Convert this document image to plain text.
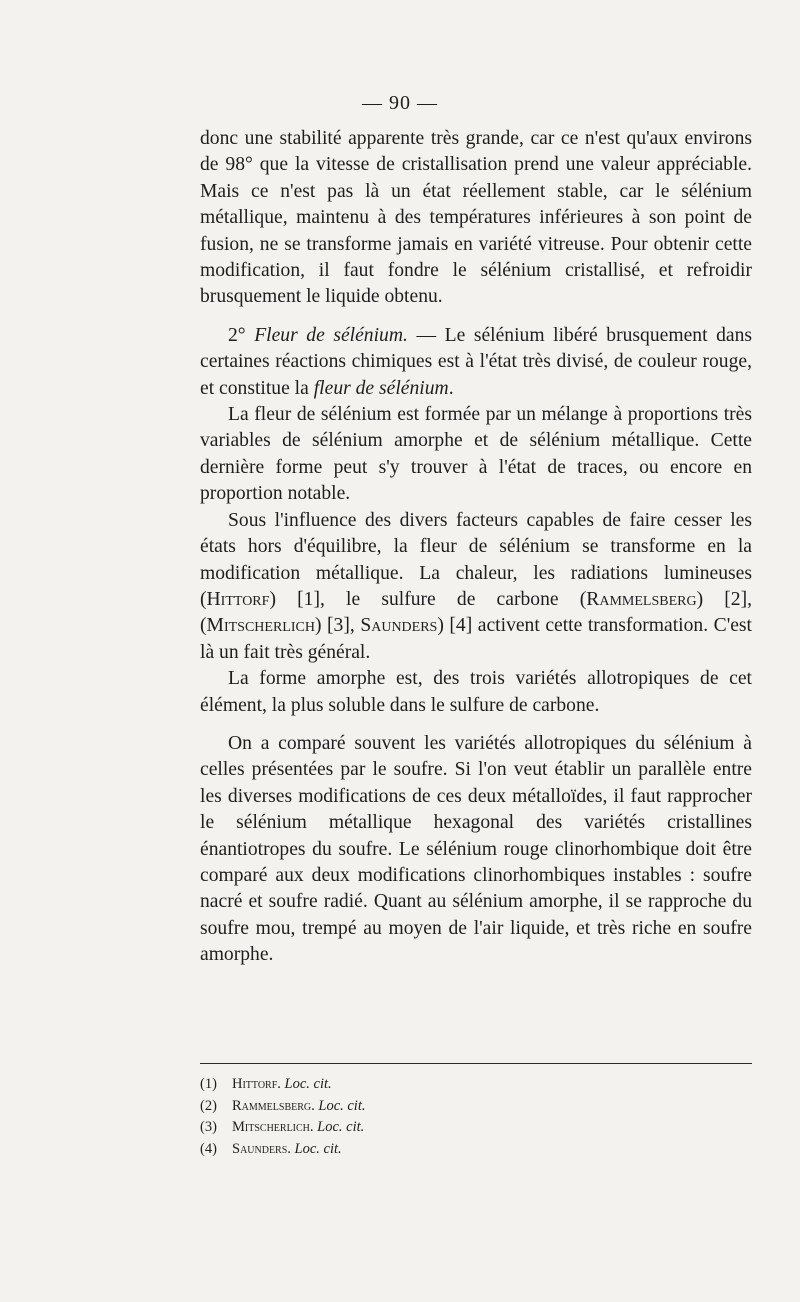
— 90 —

donc une stabilité apparente très grande, car ce n'est qu'aux environs de 98° que la vitesse de cristallisation prend une valeur appréciable. Mais ce n'est pas là un état réellement stable, car le sélénium métallique, maintenu à des températures inférieures à son point de fusion, ne se transforme jamais en variété vitreuse. Pour obtenir cette modification, il faut fondre le sélénium cristallisé, et refroidir brusquement le liquide obtenu.

2° Fleur de sélénium. — Le sélénium libéré brusquement dans certaines réactions chimiques est à l'état très divisé, de couleur rouge, et constitue la fleur de sélénium.

La fleur de sélénium est formée par un mélange à proportions très variables de sélénium amorphe et de sélénium métallique. Cette dernière forme peut s'y trouver à l'état de traces, ou encore en proportion notable.

Sous l'influence des divers facteurs capables de faire cesser les états hors d'équilibre, la fleur de sélénium se transforme en la modification métallique. La chaleur, les radiations lumineuses (Hittorf) [1], le sulfure de carbone (Rammelsberg) [2], (Mitscherlich) [3], Saunders) [4] activent cette transformation. C'est là un fait très général.

La forme amorphe est, des trois variétés allotropiques de cet élément, la plus soluble dans le sulfure de carbone.

On a comparé souvent les variétés allotropiques du sélénium à celles présentées par le soufre. Si l'on veut établir un parallèle entre les diverses modifications de ces deux métalloïdes, il faut rapprocher le sélénium métallique hexagonal des variétés cristallines énantiotropes du soufre. Le sélénium rouge clinorhombique doit être comparé aux deux modifications clinorhombiques instables : soufre nacré et soufre radié. Quant au sélénium amorphe, il se rapproche du soufre mou, trempé au moyen de l'air liquide, et très riche en soufre amorphe.

(1) Hittorf. Loc. cit.
(2) Rammelsberg. Loc. cit.
(3) Mitscherlich. Loc. cit.
(4) Saunders. Loc. cit.
